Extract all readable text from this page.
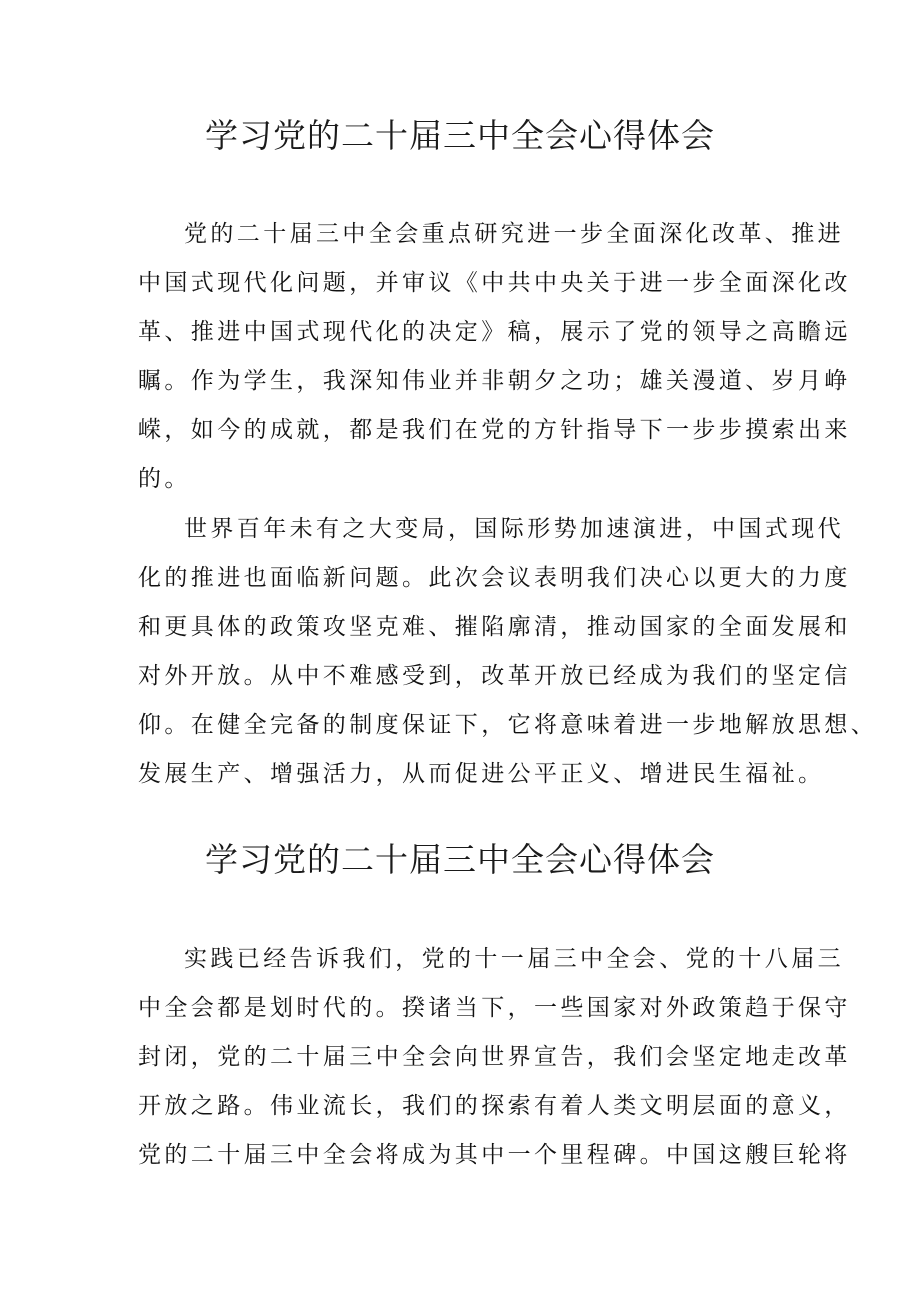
学习党的二十届三中全会心得体会

党的二十届三中全会重点研究进一步全面深化改革、推进
中国式现代化问题，并审议《中共中央关于进一步全面深化改
革、推进中国式现代化的决定》稿，展示了党的领导之高瞻远
瞩。作为学生，我深知伟业并非朝夕之功；雄关漫道、岁月峥
嵘，如今的成就，都是我们在党的方针指导下一步步摸索出来
的。

世界百年未有之大变局，国际形势加速演进，中国式现代
化的推进也面临新问题。此次会议表明我们决心以更大的力度
和更具体的政策攻坚克难、摧陷廓清，推动国家的全面发展和
对外开放。从中不难感受到，改革开放已经成为我们的坚定信
仰。在健全完备的制度保证下，它将意味着进一步地解放思想、
发展生产、增强活力，从而促进公平正义、增进民生福祉。

学习党的二十届三中全会心得体会

实践已经告诉我们，党的十一届三中全会、党的十八届三
中全会都是划时代的。揆诸当下，一些国家对外政策趋于保守
封闭，党的二十届三中全会向世界宣告，我们会坚定地走改革
开放之路。伟业流长，我们的探索有着人类文明层面的意义，
党的二十届三中全会将成为其中一个里程碑。中国这艘巨轮将
